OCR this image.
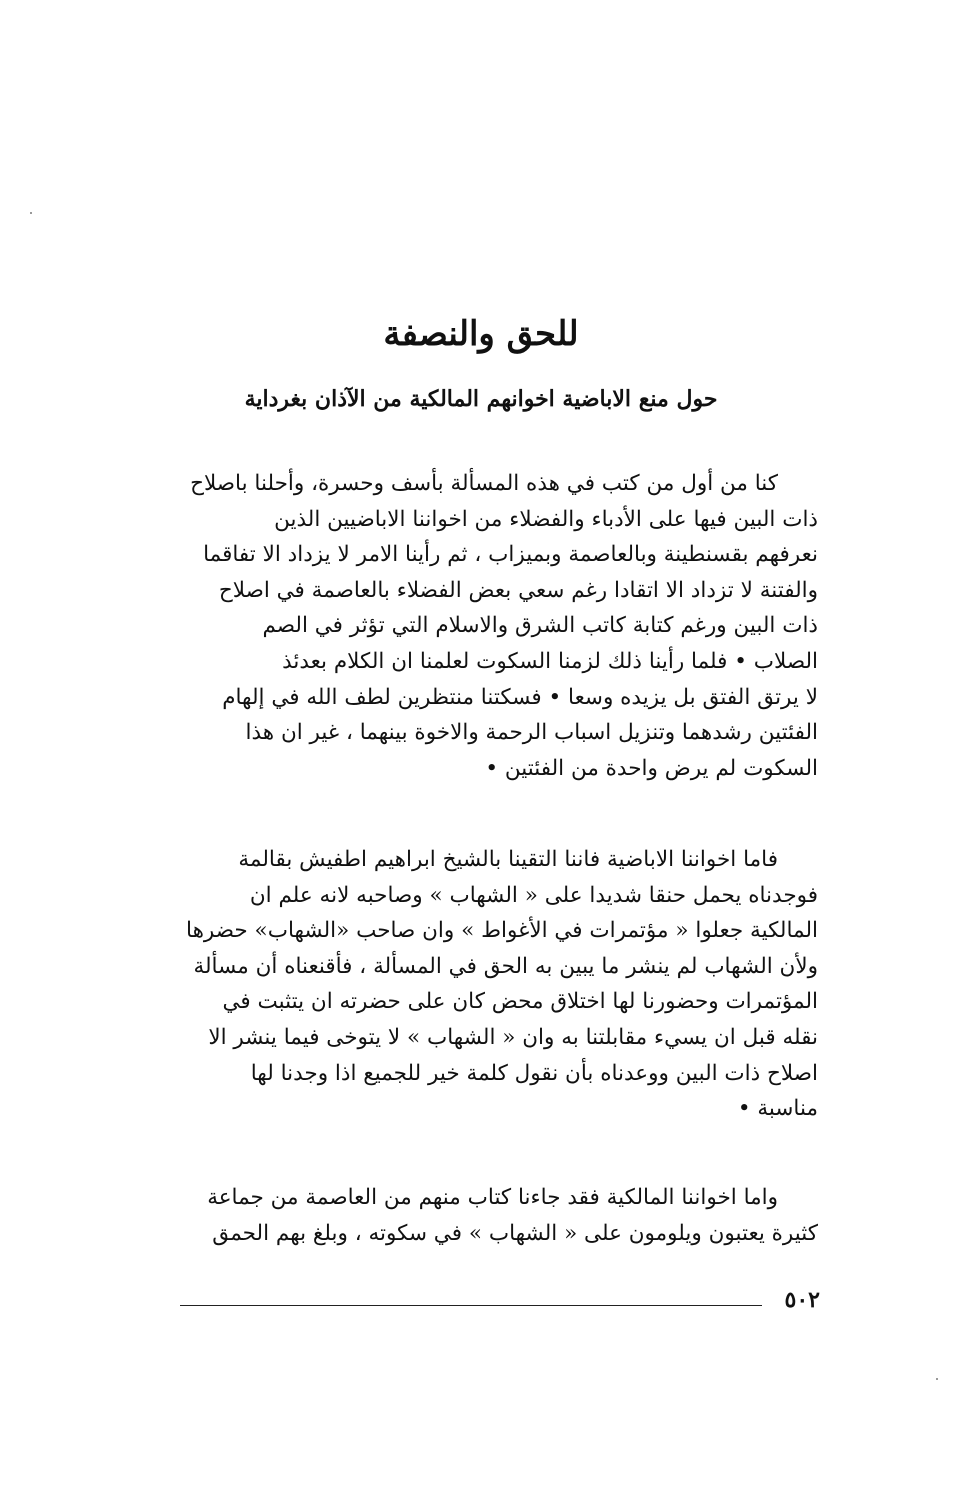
للحق والنصفة
حول منع الاباضية اخوانهم المالكية من الآذان بغرداية
كنا من أول من كتب في هذه المسألة بأسف وحسرة، وأحلنا باصلاح
ذات البين فيها على الأدباء والفضلاء من اخواننا الاباضيين الذين
نعرفهم بقسنطينة وبالعاصمة وبميزاب ، ثم رأينا الامر لا يزداد الا تفاقما
والفتنة لا تزداد الا اتقادا رغم سعي بعض الفضلاء بالعاصمة في اصلاح
ذات البين ورغم كتابة كاتب الشرق والاسلام التي تؤثر في الصم
الصلاب • فلما رأينا ذلك لزمنا السكوت لعلمنا ان الكلام بعدئذ
لا يرتق الفتق بل يزيده وسعا • فسكتنا منتظرين لطف الله في إلهام
الفئتين رشدهما وتنزيل اسباب الرحمة والاخوة بينهما ، غير ان هذا
السكوت لم يرض واحدة من الفئتين •
فاما اخواننا الاباضية فاننا التقينا بالشيخ ابراهيم اطفيش بقالمة
فوجدناه يحمل حنقا شديدا على « الشهاب » وصاحبه لانه علم ان
المالكية جعلوا « مؤتمرات في الأغواط » وان صاحب «الشهاب» حضرها
ولأن الشهاب لم ينشر ما يبين به الحق في المسألة ، فأقنعناه أن مسألة
المؤتمرات وحضورنا لها اختلاق محض كان على حضرته ان يتثبت في
نقله قبل ان يسيء مقابلتنا به وان « الشهاب » لا يتوخى فيما ينشر الا
اصلاح ذات البين ووعدناه بأن نقول كلمة خير للجميع اذا وجدنا لها
مناسبة •
واما اخواننا المالكية فقد جاءنا كتاب منهم من العاصمة من جماعة
كثيرة يعتبون ويلومون على « الشهاب » في سكوته ، وبلغ بهم الحمق
٥٠٢
